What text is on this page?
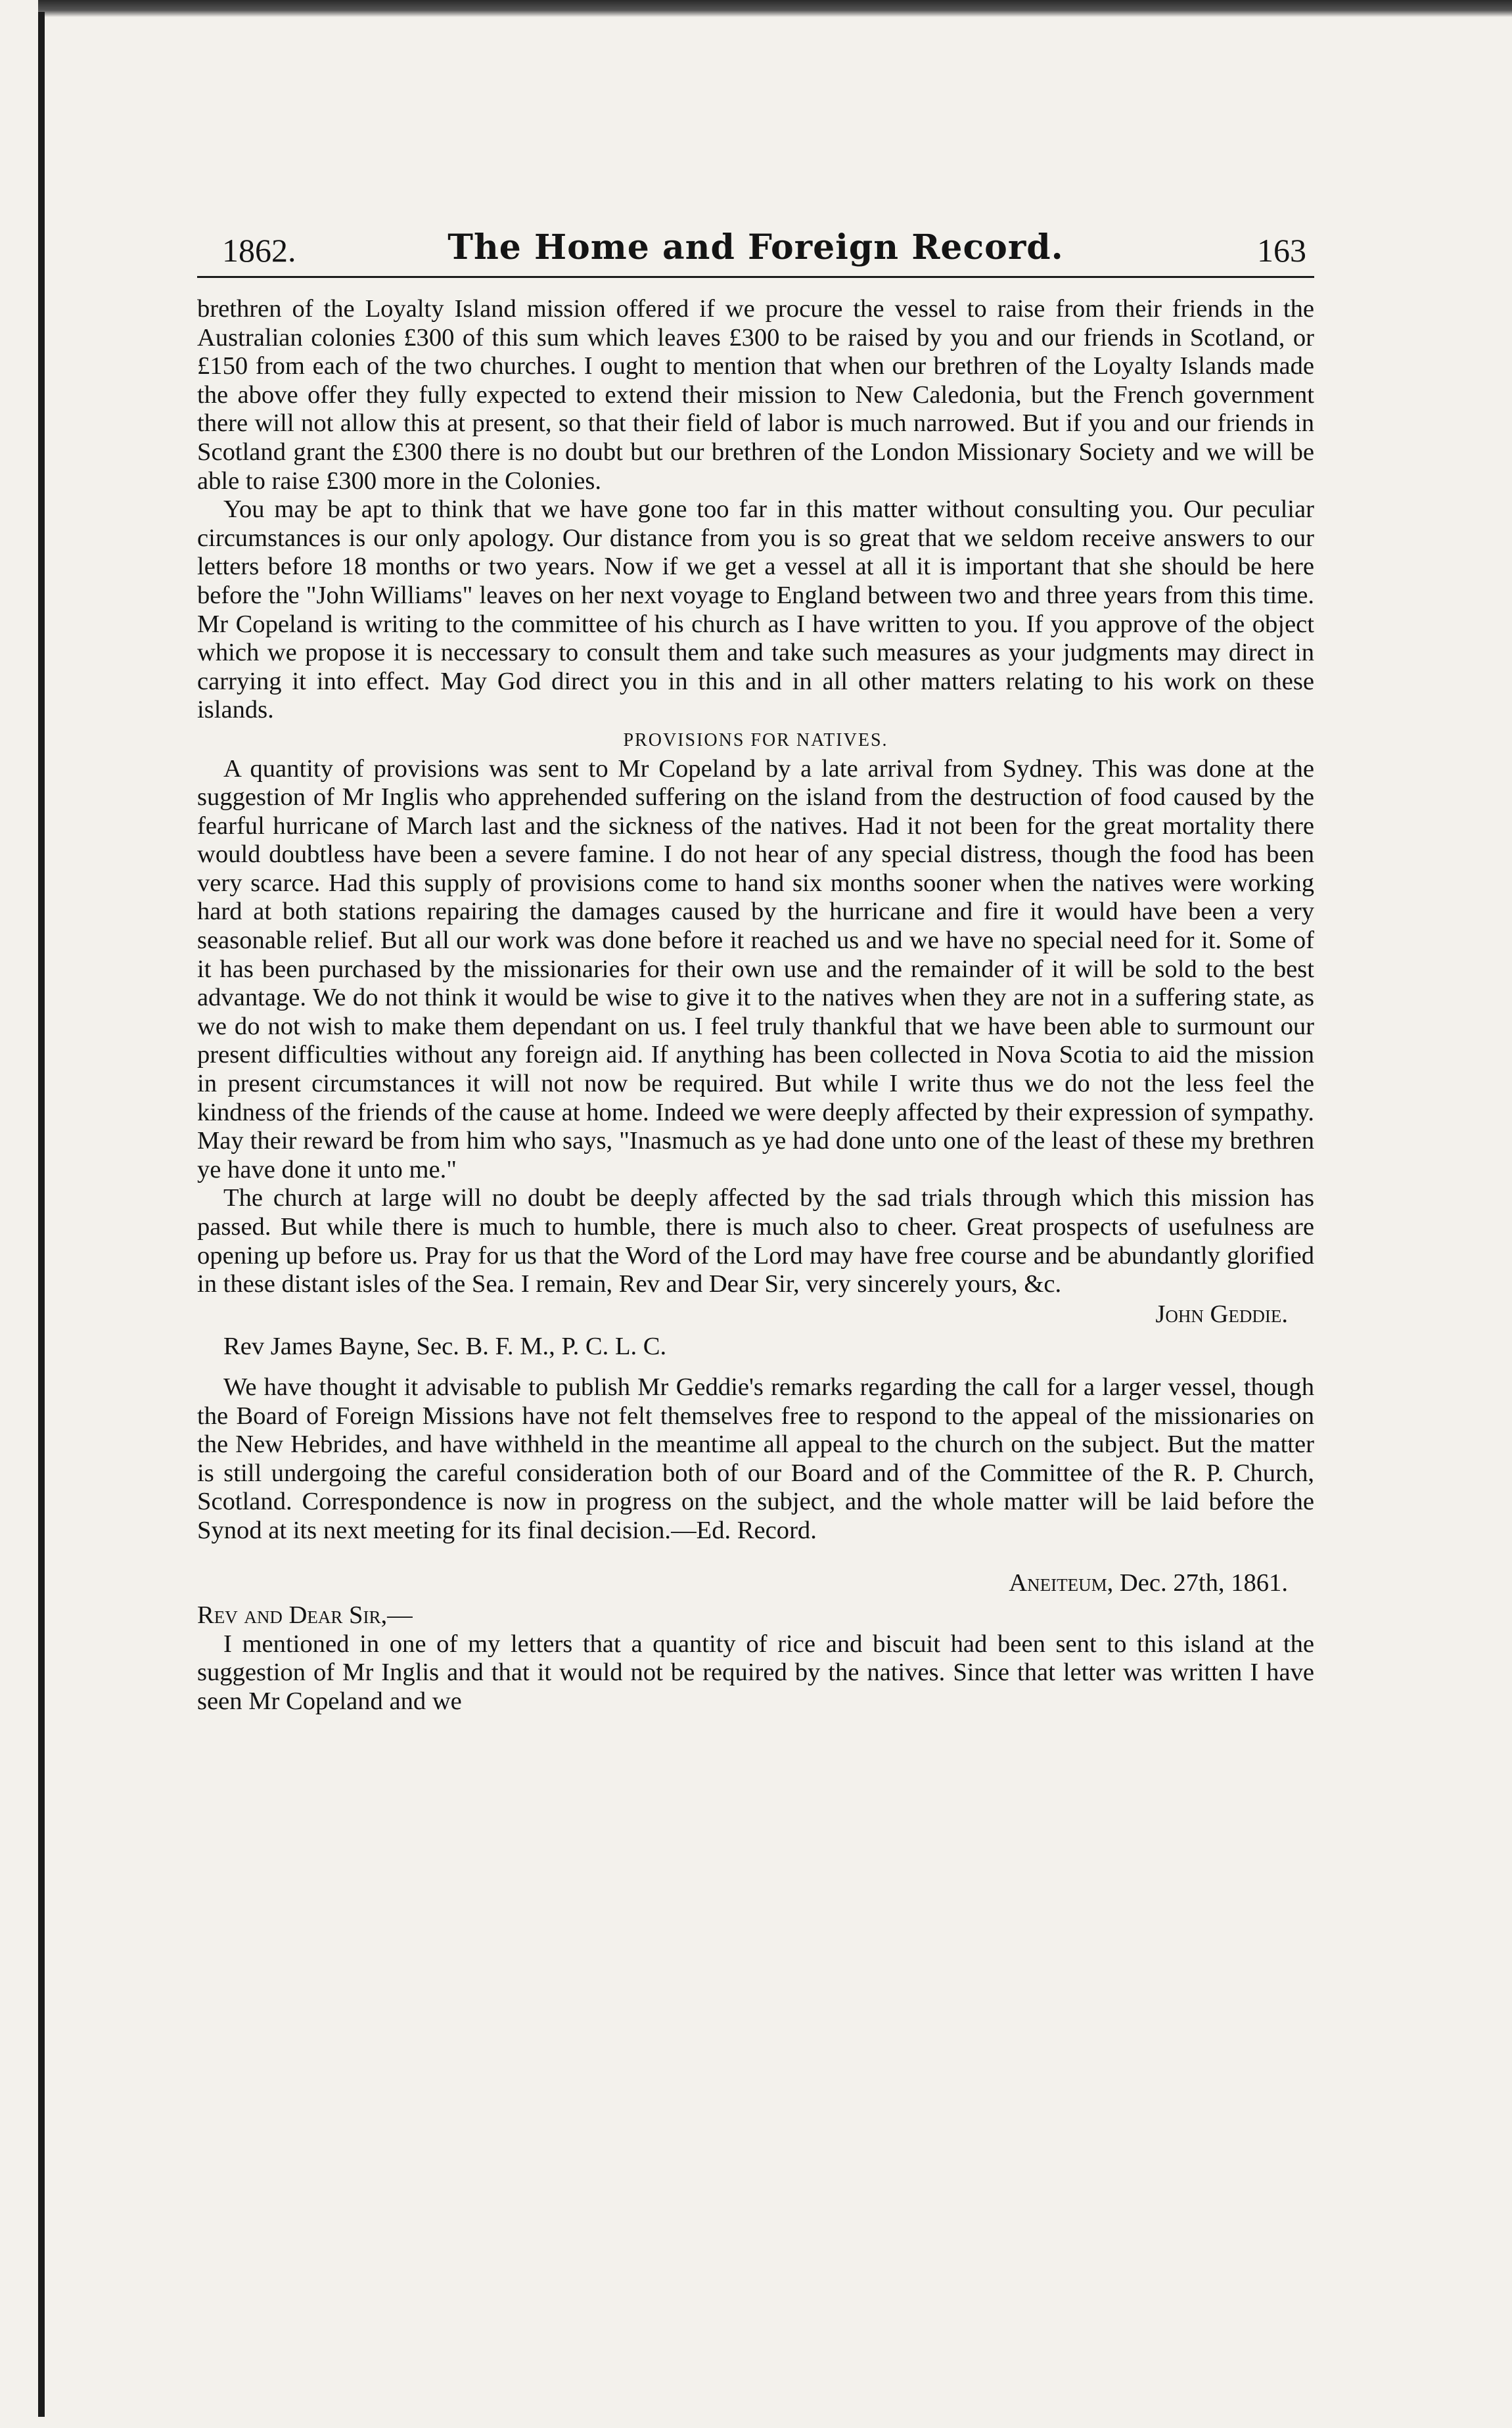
1862.	The Home and Foreign Record.	163

brethren of the Loyalty Island mission offered if we procure the vessel to raise from their friends in the Australian colonies £300 of this sum which leaves £300 to be raised by you and our friends in Scotland, or £150 from each of the two churches. I ought to mention that when our brethren of the Loyalty Islands made the above offer they fully expected to extend their mission to New Caledonia, but the French government there will not allow this at present, so that their field of labor is much narrowed. But if you and our friends in Scotland grant the £300 there is no doubt but our brethren of the London Missionary Society and we will be able to raise £300 more in the Colonies.

You may be apt to think that we have gone too far in this matter without consulting you. Our peculiar circumstances is our only apology. Our distance from you is so great that we seldom receive answers to our letters before 18 months or two years. Now if we get a vessel at all it is important that she should be here before the "John Williams" leaves on her next voyage to England between two and three years from this time. Mr Copeland is writing to the committee of his church as I have written to you. If you approve of the object which we propose it is neccessary to consult them and take such measures as your judgments may direct in carrying it into effect. May God direct you in this and in all other matters relating to his work on these islands.

PROVISIONS FOR NATIVES.

A quantity of provisions was sent to Mr Copeland by a late arrival from Sydney. This was done at the suggestion of Mr Inglis who apprehended suffering on the island from the destruction of food caused by the fearful hurricane of March last and the sickness of the natives. Had it not been for the great mortality there would doubtless have been a severe famine. I do not hear of any special distress, though the food has been very scarce. Had this supply of provisions come to hand six months sooner when the natives were working hard at both stations repairing the damages caused by the hurricane and fire it would have been a very seasonable relief. But all our work was done before it reached us and we have no special need for it. Some of it has been purchased by the missionaries for their own use and the remainder of it will be sold to the best advantage. We do not think it would be wise to give it to the natives when they are not in a suffering state, as we do not wish to make them dependant on us. I feel truly thankful that we have been able to surmount our present difficulties without any foreign aid. If anything has been collected in Nova Scotia to aid the mission in present circumstances it will not now be required. But while I write thus we do not the less feel the kindness of the friends of the cause at home. Indeed we were deeply affected by their expression of sympathy. May their reward be from him who says, "Inasmuch as ye had done unto one of the least of these my brethren ye have done it unto me."

The church at large will no doubt be deeply affected by the sad trials through which this mission has passed. But while there is much to humble, there is much also to cheer. Great prospects of usefulness are opening up before us. Pray for us that the Word of the Lord may have free course and be abundantly glorified in these distant isles of the Sea. I remain, Rev and Dear Sir, very sincerely yours, &c.

John Geddie.
Rev James Bayne, Sec. B. F. M., P. C. L. C.

We have thought it advisable to publish Mr Geddie's remarks regarding the call for a larger vessel, though the Board of Foreign Missions have not felt themselves free to respond to the appeal of the missionaries on the New Hebrides, and have withheld in the meantime all appeal to the church on the subject. But the matter is still undergoing the careful consideration both of our Board and of the Committee of the R. P. Church, Scotland. Correspondence is now in progress on the subject, and the whole matter will be laid before the Synod at its next meeting for its final decision.—Ed. Record.

Aneiteum, Dec. 27th, 1861.
Rev and Dear Sir,—

I mentioned in one of my letters that a quantity of rice and biscuit had been sent to this island at the suggestion of Mr Inglis and that it would not be required by the natives. Since that letter was written I have seen Mr Copeland and we
